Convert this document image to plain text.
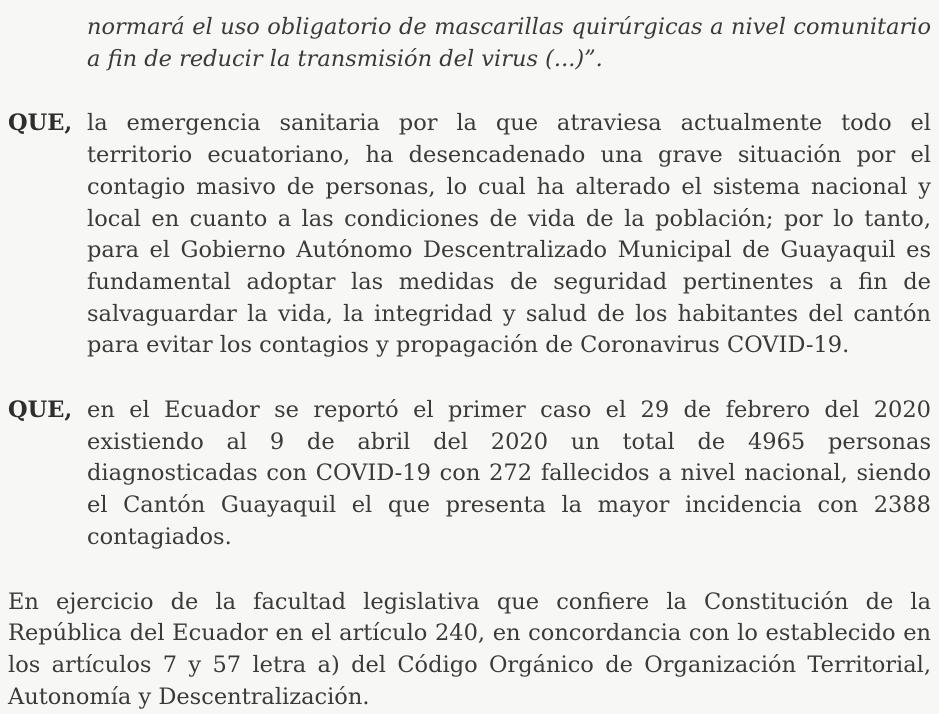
normará el uso obligatorio de mascarillas quirúrgicas a nivel comunitario
a fin de reducir la transmisión del virus (...)”.
QUE, la emergencia sanitaria por la que atraviesa actualmente todo el
territorio ecuatoriano, ha desencadenado una grave situación por el
contagio masivo de personas, lo cual ha alterado el sistema nacional y
local en cuanto a las condiciones de vida de la población; por lo tanto,
para el Gobierno Autónomo Descentralizado Municipal de Guayaquil es
fundamental adoptar las medidas de seguridad pertinentes a fin de
salvaguardar la vida, la integridad y salud de los habitantes del cantón
para evitar los contagios y propagación de Coronavirus COVID-19.
QUE, en el Ecuador se reportó el primer caso el 29 de febrero del 2020
existiendo al 9 de abril del 2020 un total de 4965 personas
diagnosticadas con COVID-19 con 272 fallecidos a nivel nacional, siendo
el Cantón Guayaquil el que presenta la mayor incidencia con 2388
contagiados.
En ejercicio de la facultad legislativa que confiere la Constitución de la
República del Ecuador en el artículo 240, en concordancia con lo establecido en
los artículos 7 y 57 letra a) del Código Orgánico de Organización Territorial,
Autonomía y Descentralización.
